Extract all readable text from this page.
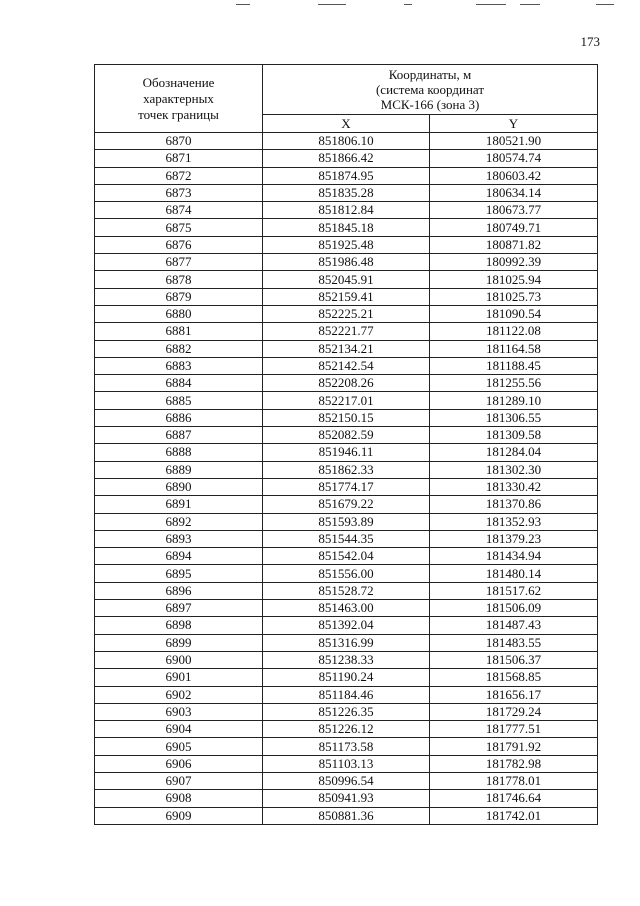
173
Обозначение
характерных
точек границы	Координаты, м
(система координат
МСК-166 (зона 3)	

	X	Y
6870	851806.10	180521.90
6871	851866.42	180574.74
6872	851874.95	180603.42
6873	851835.28	180634.14
6874	851812.84	180673.77
6875	851845.18	180749.71
6876	851925.48	180871.82
6877	851986.48	180992.39
6878	852045.91	181025.94
6879	852159.41	181025.73
6880	852225.21	181090.54
6881	852221.77	181122.08
6882	852134.21	181164.58
6883	852142.54	181188.45
6884	852208.26	181255.56
6885	852217.01	181289.10
6886	852150.15	181306.55
6887	852082.59	181309.58
6888	851946.11	181284.04
6889	851862.33	181302.30
6890	851774.17	181330.42
6891	851679.22	181370.86
6892	851593.89	181352.93
6893	851544.35	181379.23
6894	851542.04	181434.94
6895	851556.00	181480.14
6896	851528.72	181517.62
6897	851463.00	181506.09
6898	851392.04	181487.43
6899	851316.99	181483.55
6900	851238.33	181506.37
6901	851190.24	181568.85
6902	851184.46	181656.17
6903	851226.35	181729.24
6904	851226.12	181777.51
6905	851173.58	181791.92
6906	851103.13	181782.98
6907	850996.54	181778.01
6908	850941.93	181746.64
6909	850881.36	181742.01
